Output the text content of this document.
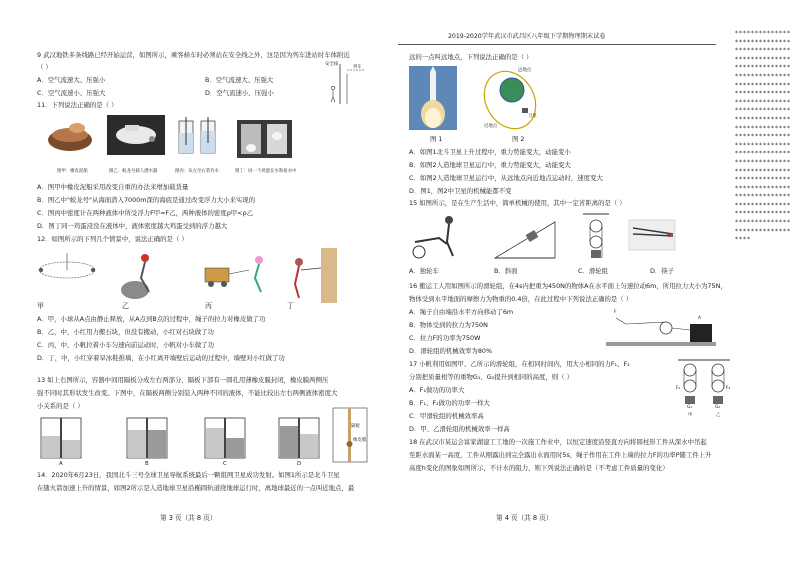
2019-2020学年武汉市武昌区八年级下学期物理期末试卷	****************************************************************************************************************************************************************************************************************************************************************************************************************************************************
9 武汉地铁多条线路已经开始运营，如图所示，乘客候车时必须站在安全线之外，这是因为列车进站时车体附近
（ ）
A．空气流速大、压强小	B．空气流速大、压强大
C．空气流速小、压强大	D．空气流速小、压强小
安全线
列车
11．下列说法正确的是（ ）
图甲：橡皮泥船	图乙：蛟龙号载人潜水器	图丙：从左至右装有水	图丁：同一个鸡蛋在水和盐水中
A．图甲中橡皮泥船采用改变自重的办法来增加载货量
B．图乙中"蛟龙号"从海面潜入7000m深的海底是通过改变浮力大小来实现的
C．图丙中密度计在两种液体中所受浮力F甲=F乙，两种液体的密度ρ甲<ρ乙
D．图丁同一鸡蛋浸没在液体中，液体密度越大鸡蛋受到的浮力越大
12．如图所示的下列几个情景中，说法正确的是（ ）
甲	乙	丙	丁
A．甲，小球从A点由静止释放，从A点到B点的过程中，绳子的拉力对橡皮做了功
B．乙，中，小红用力搬石块，但没有搬动，小红对石块做了功
C．丙，中，小帆拉着小车匀速向前运动时，小帆对小车做了功
D．丁，中，小红穿着旱冰鞋推墙，在小红离开墙壁后运动的过程中，墙壁对小红做了功
13 如上右图所示，容器中间用隔板分成左右两部分，隔板下部有一圆孔用薄橡皮膜封闭，橡皮膜两侧压
强不同时其形状发生改变。下图中，在隔板两侧分别装入两种不同的液体，不能比较出左右两侧液体密度大
小关系的是（ ）
A	B	C	D
隔板
橡皮膜
14．2020年6月23日，我国北斗三号全球卫星导航系统最后一颗组网卫星成功发射。如图1所示是北斗卫星
在随火箭加速上升的情景，如图2所示是人造地球卫星沿椭圆轨道绕地球运行时，离地球最近的一点叫近地点，最
第 3 页（共 8 页）
远的一点叫远地点，下列说法正确的是（ ）
远地点
卫星
近地点
图 1	图 2
A．如图1北斗卫星上升过程中，重力势能变大，动能变小
B．如图2人造地球卫星运行中，重力势能变大，动能变大
C．如图2人造地球卫星运行中，从远地点向近地点运动时，速度变大
D．图1，图2中卫星的机械能都不变
15 如图所示，是在生产生活中，简单机械的使用，其中一定省距离的是（ ）
A．独轮车	B．斜面	C．滑轮组	D．筷子
16 搬运工人用如图所示的滑轮组，在4s内把重为450N的物体A在水平面上匀速拉动6m，所用拉力大小为75N，
物体受到水平地面的摩擦力为物重的0.4倍，在此过程中下列说法正确的是（ ）
A．绳子自由端沿水平方向移动了6m
B．物体受到的拉力为750N
C．拉力F的功率为750W
D．滑轮组的机械效率为80%
F
A
17 小帆利用如图甲、乙所示的滑轮组，在相同时间内，用大小相同的力F₁、F₂
分别把质量相等的重物G₁、G₂提升到相同的高度，则（ ）
A．F₁做功的功率大
B．F₁、F₂做功的功率一样大
C．甲滑轮组的机械效率高
D．甲、乙滑轮组的机械效率一样高
F₁	F₂
G₁	G₂
甲	乙
18 在武汉市某运会富家湖建工工地的一次施工作业中，以恒定速度沿竖直方向将圆柱形工件从深水中吊起
至距水面某一高度，工件从刚露出到完全露出水面用时5s，绳子作用在工件上端的拉力F的功率P随工件上升
高度h变化的图象如图所示，不计水的阻力，则下列说法正确的是（不考虑工件质量的变化）
第 4 页（共 8 页）
